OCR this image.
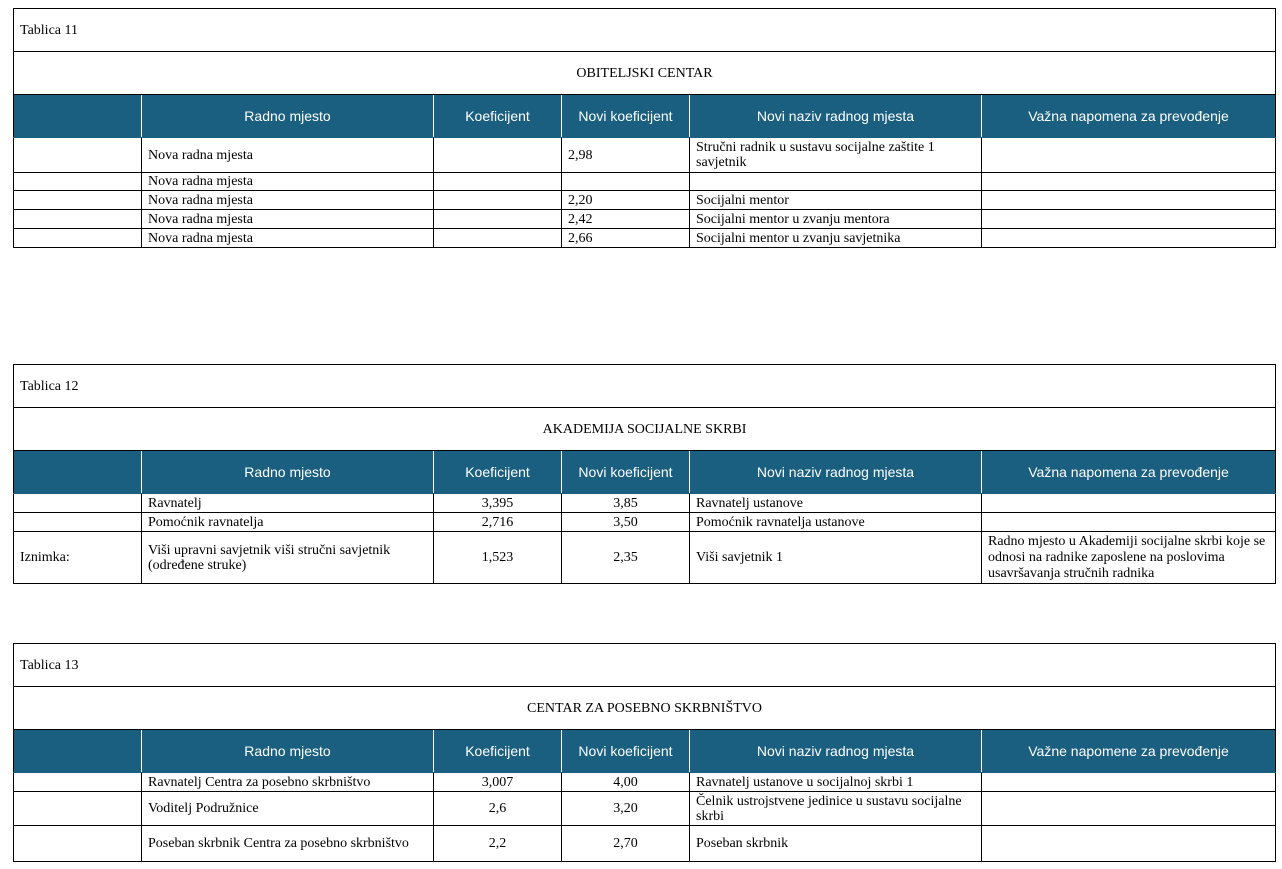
Tablica 11					
OBITELJSKI CENTAR					
	Radno mjesto	Koeficijent	Novi koeficijent	Novi naziv radnog mjesta	Važna napomena za prevođenje
	Nova radna mjesta		2,98	Stručni radnik u sustavu socijalne zaštite 1 savjetnik	
	Nova radna mjesta				
	Nova radna mjesta		2,20	Socijalni mentor	
	Nova radna mjesta		2,42	Socijalni mentor u zvanju mentora	
	Nova radna mjesta		2,66	Socijalni mentor u zvanju savjetnika	
Tablica 12					
AKADEMIJA SOCIJALNE SKRBI					
	Radno mjesto	Koeficijent	Novi koeficijent	Novi naziv radnog mjesta	Važna napomena za prevođenje
	Ravnatelj	3,395	3,85	Ravnatelj ustanove	
	Pomoćnik ravnatelja	2,716	3,50	Pomoćnik ravnatelja ustanove	
Iznimka:	Viši upravni savjetnik viši stručni savjetnik (određene struke)	1,523	2,35	Viši savjetnik 1	Radno mjesto u Akademiji socijalne skrbi koje se odnosi na radnike zaposlene na poslovima usavršavanja stručnih radnika
Tablica 13					
CENTAR ZA POSEBNO SKRBNIŠTVO					
	Radno mjesto	Koeficijent	Novi koeficijent	Novi naziv radnog mjesta	Važne napomene za prevođenje
	Ravnatelj Centra za posebno skrbništvo	3,007	4,00	Ravnatelj ustanove u socijalnoj skrbi 1	
	Voditelj Podružnice	2,6	3,20	Čelnik ustrojstvene jedinice u sustavu socijalne skrbi	
	Poseban skrbnik Centra za posebno skrbništvo	2,2	2,70	Poseban skrbnik	
